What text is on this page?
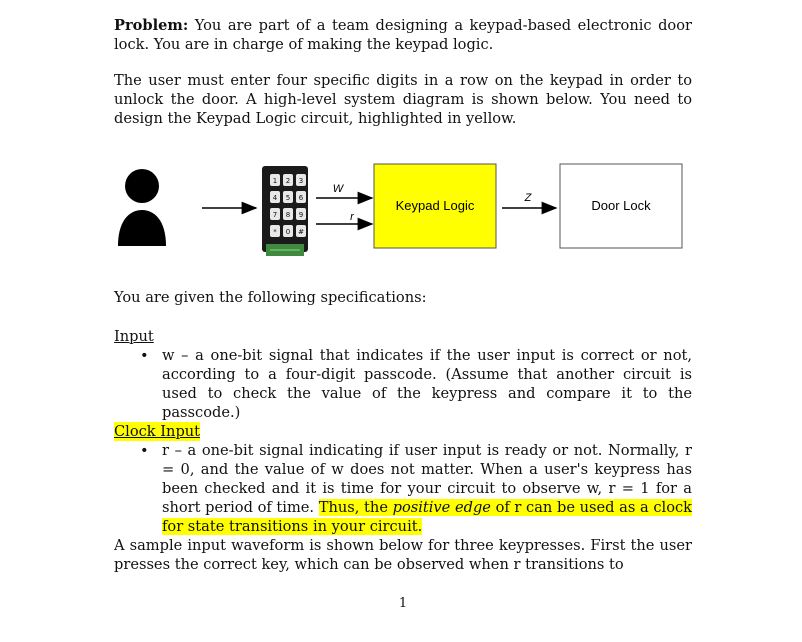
Problem: You are part of a team designing a keypad-based electronic door lock. You are in charge of making the keypad logic.

The user must enter four specific digits in a row on the keypad in order to unlock the door. A high-level system diagram is shown below. You need to design the Keypad Logic circuit, highlighted in yellow.

1 2 3
4 5 6
7 8 9
* 0 #
W
r
Keypad Logic	Z	Door Lock

You are given the following specifications:

Input
• w – a one-bit signal that indicates if the user input is correct or not, according to a four-digit passcode. (Assume that another circuit is used to check the value of the keypress and compare it to the passcode.)
Clock Input
• r – a one-bit signal indicating if user input is ready or not. Normally, r = 0, and the value of w does not matter. When a user's keypress has been checked and it is time for your circuit to observe w, r = 1 for a short period of time. Thus, the positive edge of r can be used as a clock for state transitions in your circuit.

A sample input waveform is shown below for three keypresses. First the user presses the correct key, which can be observed when r transitions to

1
